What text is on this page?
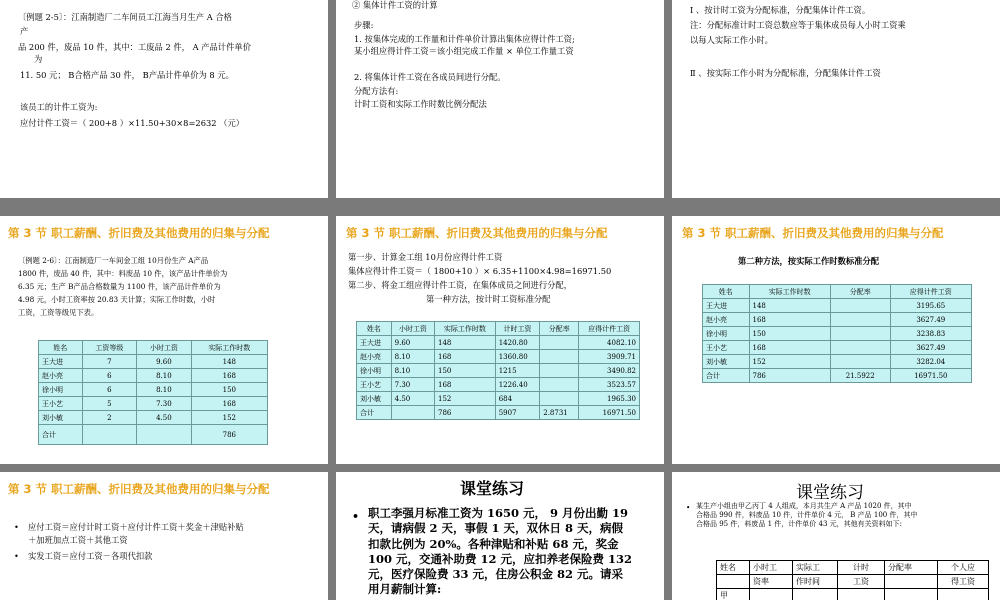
〔例题 2-5〕：江南制造厂二车间员工江海当月生产 A 合格
产
品 200 件，废品 10 件，其中：工废品 2 件， A 产品计件单价
为
11. 50 元； B合格产品 30 件， B产品计件单价为 8 元。
该员工的计件工资为:
应付计件工资＝（ 200+8 ）×11.50+30×8=2632 （元）
② 集体计件工资的计算
步骤:
1. 按集体完成的工作量和计件单价计算出集体应得计件工资;
某小组应得计件工资＝该小组完成工作量 × 单位工作量工资
2. 将集体计件工资在各成员间进行分配。
分配方法有:
计时工资和实际工作时数比例分配法
Ⅰ 、按计时工资为分配标准，分配集体计件工资。
注：分配标准计时工资总数应等于集体成员每人小时工资乘
以每人实际工作小时。
Ⅱ 、按实际工作小时为分配标准，分配集体计件工资
第 3 节 职工薪酬、折旧费及其他费用的归集与分配
〔例题 2-6〕：江南制造厂一车间金工组 10月份生产 A产品
1800 件，废品 40 件，其中：料废品 10 件，该产品计件单价为
6.35 元；生产 B产品合格数量为 1100 件，该产品计件单价为
4.98 元，小时工资率按 20.83 天计算；实际工作时数，小时
工资，工资等级见下表。
姓名	工资等级	小时工资	实际工作时数
王大进	7	9.60	148
赵小亮	6	8.10	168
徐小明	6	8.10	150
王小艺	5	7.30	168
刘小敏	2	4.50	152
合计			786
第 3 节 职工薪酬、折旧费及其他费用的归集与分配
第一步、计算金工组 10月份应得计件工资
集体应得计件工资＝（ 1800+10 ）× 6.35+1100×4.98=16971.50
第二步、将金工组应得计件工资，在集体成员之间进行分配，
第一种方法，按计时工资标准分配
姓名	小时工资	实际工作时数	计时工资	分配率	应得计件工资
王大进	9.60	148	1420.80		4082.10
赵小亮	8.10	168	1360.80		3909.71
徐小明	8.10	150	1215		3490.82
王小艺	7.30	168	1226.40		3523.57
刘小敏	4.50	152	684		1965.30
合计		786	5907	2.8731	16971.50
第 3 节 职工薪酬、折旧费及其他费用的归集与分配
第二种方法，按实际工作时数标准分配
姓名	实际工作时数	分配率	应得计件工资
王大进	148		3195.65
赵小亮	168		3627.49
徐小明	150		3238.83
王小艺	168		3627.49
刘小敏	152		3282.04
合计	786	21.5922	16971.50
第 3 节 职工薪酬、折旧费及其他费用的归集与分配
• 应付工资＝应付计时工资＋应付计件工资＋奖金＋津贴补贴
＋加班加点工资＋其他工资
• 实发工资＝应付工资－各项代扣款
课堂练习
• 职工李强月标准工资为 1650 元， 9 月份出勤 19
天，请病假 2 天，事假 1 天，双休日 8 天，病假
扣款比例为 20%。各种津贴和补贴 68 元，奖金
100 元，交通补助费 12 元，应扣养老保险费 132
元，医疗保险费 33 元，住房公积金 82 元。请采
用月薪制计算:
课堂练习
• 某生产小组由甲乙丙丁 4 人组成，本月共生产 A 产品 1020 件，其中
合格品 990 件，料废品 10 件，计件单价 4 元， B 产品 100 件，其中
合格品 95 件，料废品 1 件，计件单价 43 元，其他有关资料如下:
姓名	小时工	实际工	计时	分配率	个人应
	资率	作时间	工资		得工资
甲					
